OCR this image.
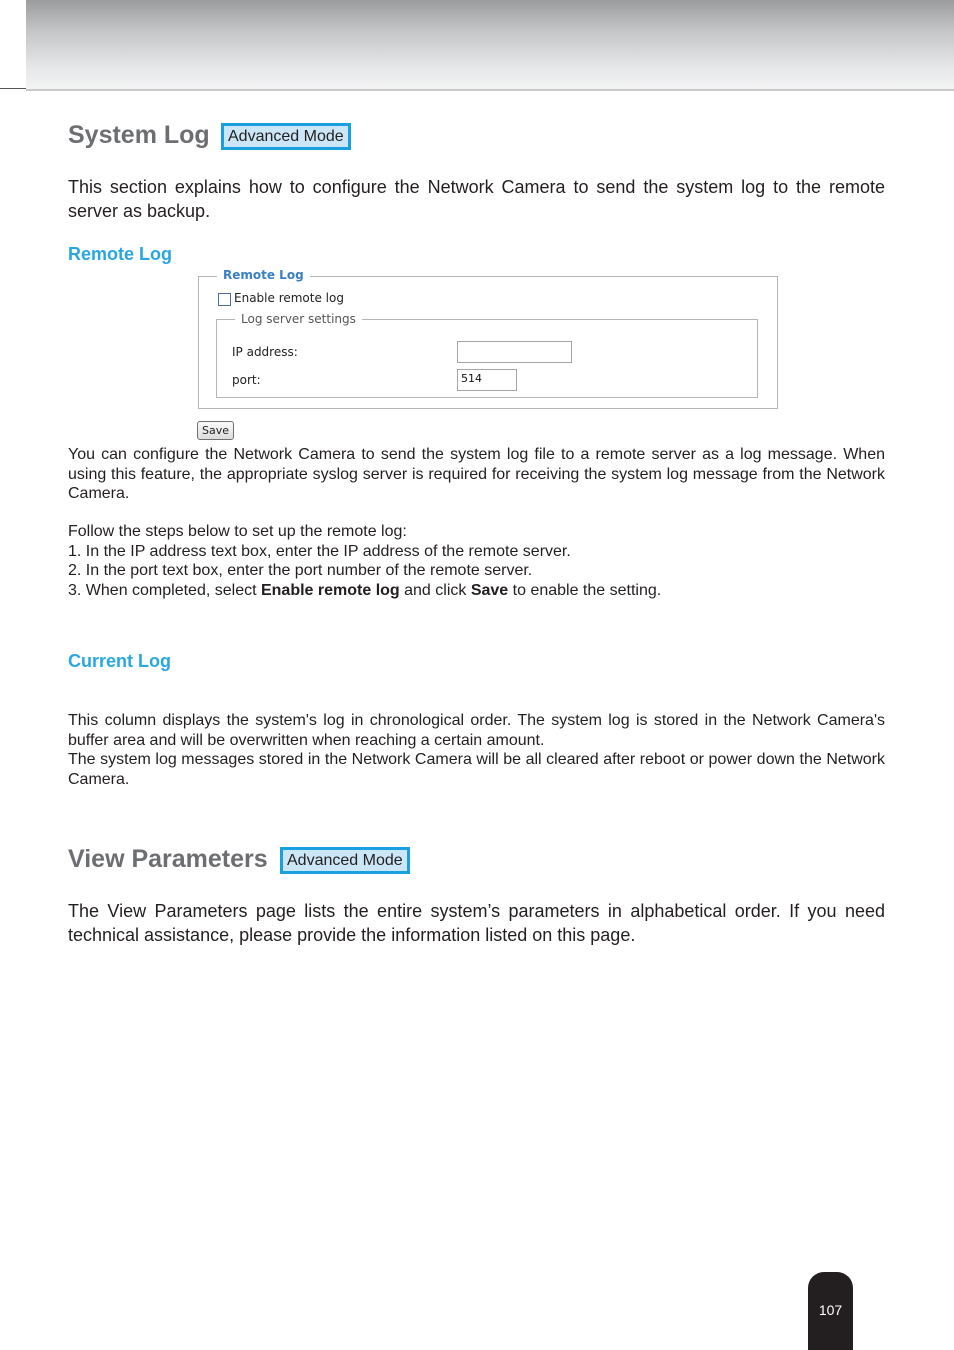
System Log	Advanced Mode

This section explains how to configure the Network Camera to send the system log to the remote server as backup.

Remote Log
Remote Log
Enable remote log
Log server settings
IP address:
port:	514
Save

You can configure the Network Camera to send the system log file to a remote server as a log message. When using this feature, the appropriate syslog server is required for receiving the system log message from the Network Camera.

Follow the steps below to set up the remote log:

1. In the IP address text box, enter the IP address of the remote server.

2. In the port text box, enter the port number of the remote server.

3. When completed, select Enable remote log and click Save to enable the setting.

Current Log

This column displays the system's log in chronological order. The system log is stored in the Network Camera's buffer area and will be overwritten when reaching a certain amount.

The system log messages stored in the Network Camera will be all cleared after reboot or power down the Network Camera.

View Parameters	Advanced Mode

The View Parameters page lists the entire system’s parameters in alphabetical order. If you need technical assistance, please provide the information listed on this page.

107
